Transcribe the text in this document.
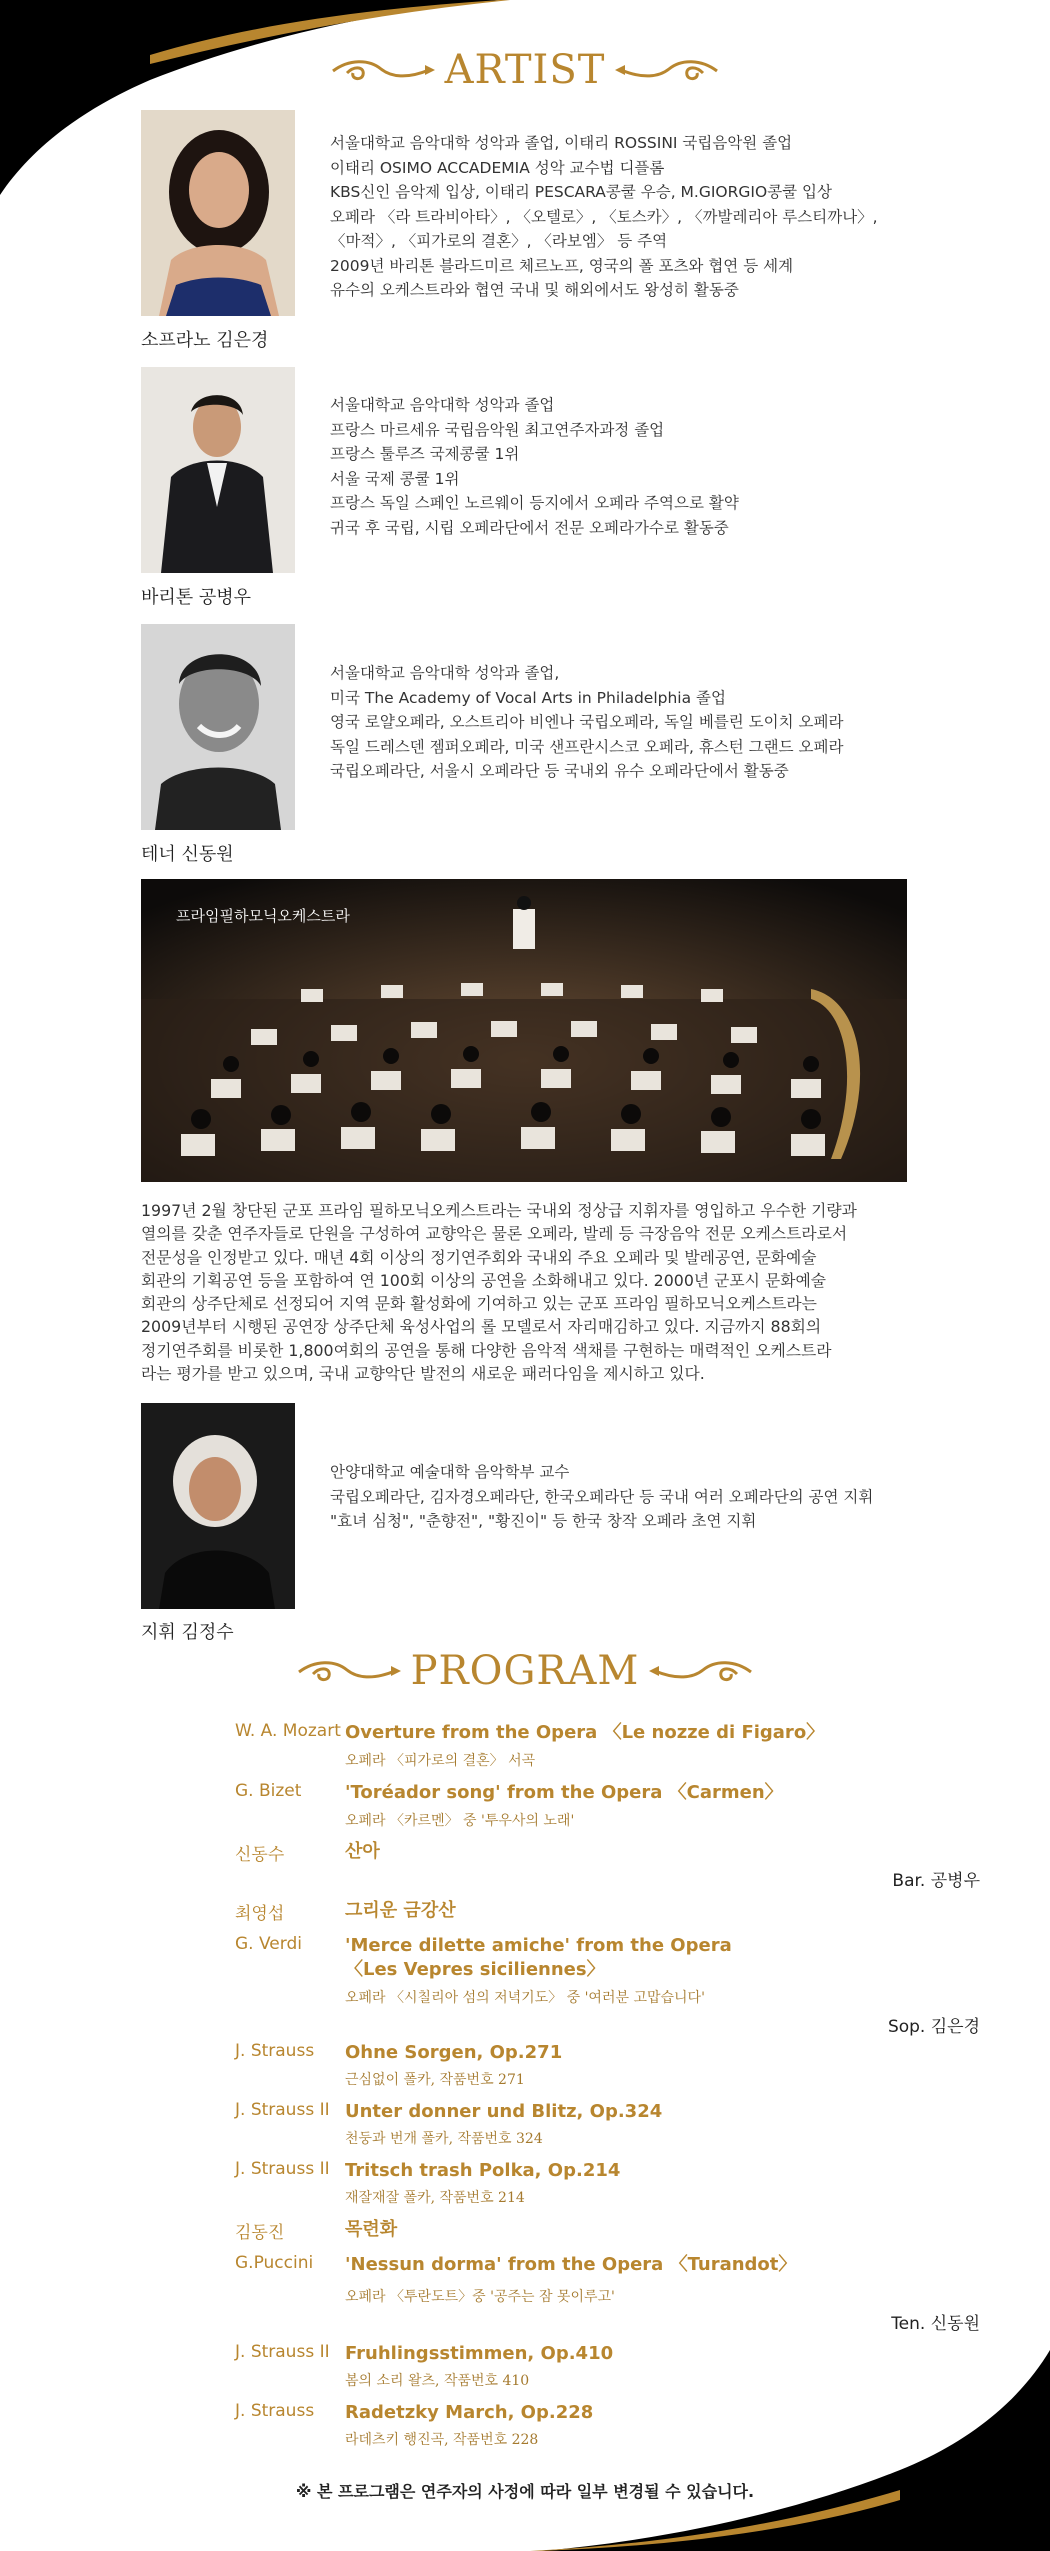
ARTIST
소프라노 김은경
서울대학교 음악대학 성악과 졸업, 이태리 ROSSINI 국립음악원 졸업
이태리 OSIMO ACCADEMIA 성악 교수법 디플롬
KBS신인 음악제 입상, 이태리 PESCARA콩쿨 우승, M.GIORGIO콩쿨 입상
오페라 〈라 트라비아타〉, 〈오텔로〉, 〈토스카〉, 〈까발레리아 루스티까나〉,
〈마적〉, 〈피가로의 결혼〉, 〈라보엠〉 등 주역
2009년 바리톤 블라드미르 체르노프, 영국의 폴 포츠와 협연 등 세계
유수의 오케스트라와 협연 국내 및 해외에서도 왕성히 활동중
바리톤 공병우
서울대학교 음악대학 성악과 졸업
프랑스 마르세유 국립음악원 최고연주자과정 졸업
프랑스 툴루즈 국제콩쿨 1위
서울 국제 콩쿨 1위
프랑스 독일 스페인 노르웨이 등지에서 오페라 주역으로 활약
귀국 후 국립, 시립 오페라단에서 전문 오페라가수로 활동중
테너 신동원
서울대학교 음악대학 성악과 졸업,
미국 The Academy of Vocal Arts in Philadelphia 졸업
영국 로얄오페라, 오스트리아 비엔나 국립오페라, 독일 베를린 도이치 오페라
독일 드레스덴 젬퍼오페라, 미국 샌프란시스코 오페라, 휴스턴 그랜드 오페라
국립오페라단, 서울시 오페라단 등 국내외 유수 오페라단에서 활동중
프라임필하모닉오케스트라
1997년 2월 창단된 군포 프라임 필하모닉오케스트라는 국내외 정상급 지휘자를 영입하고 우수한 기량과
열의를 갖춘 연주자들로 단원을 구성하여 교향악은 물론 오페라, 발레 등 극장음악 전문 오케스트라로서
전문성을 인정받고 있다. 매년 4회 이상의 정기연주회와 국내외 주요 오페라 및 발레공연, 문화예술
회관의 기획공연 등을 포함하여 연 100회 이상의 공연을 소화해내고 있다. 2000년 군포시 문화예술
회관의 상주단체로 선정되어 지역 문화 활성화에 기여하고 있는 군포 프라임 필하모닉오케스트라는
2009년부터 시행된 공연장 상주단체 육성사업의 롤 모델로서 자리매김하고 있다. 지금까지 88회의
정기연주회를 비롯한 1,800여회의 공연을 통해 다양한 음악적 색채를 구현하는 매력적인 오케스트라
라는 평가를 받고 있으며, 국내 교향악단 발전의 새로운 패러다임을 제시하고 있다.
지휘 김정수
안양대학교 예술대학 음악학부 교수
국립오페라단, 김자경오페라단, 한국오페라단 등 국내 여러 오페라단의 공연 지휘
"효녀 심청", "춘향전", "황진이" 등 한국 창작 오페라 초연 지휘
PROGRAM
W. A. Mozart Overture from the Opera 〈Le nozze di Figaro〉
오페라 〈피가로의 결혼〉 서곡
G. Bizet 'Toréador song' from the Opera 〈Carmen〉
오페라 〈카르멘〉 중 '투우사의 노래'
신동수	산아
Bar. 공병우
최영섭	그리운 금강산
G. Verdi 'Merce dilette amiche' from the Opera
〈Les Vepres siciliennes〉
오페라 〈시칠리아 섬의 저녁기도〉 중 '여러분 고맙습니다'
Sop. 김은경
J. Strauss Ohne Sorgen, Op.271
근심없이 폴카, 작품번호 271
J. Strauss II Unter donner und Blitz, Op.324
천둥과 번개 폴카, 작품번호 324
J. Strauss II Tritsch trash Polka, Op.214
재잘재잘 폴카, 작품번호 214
김동진	목련화
G.Puccini 'Nessun dorma' from the Opera 〈Turandot〉
오페라 〈투란도트〉중 '공주는 잠 못이루고'
Ten. 신동원
J. Strauss II Fruhlingsstimmen, Op.410
봄의 소리 왈츠, 작품번호 410
J. Strauss Radetzky March, Op.228
라데츠키 행진곡, 작품번호 228
※ 본 프로그램은 연주자의 사정에 따라 일부 변경될 수 있습니다.
